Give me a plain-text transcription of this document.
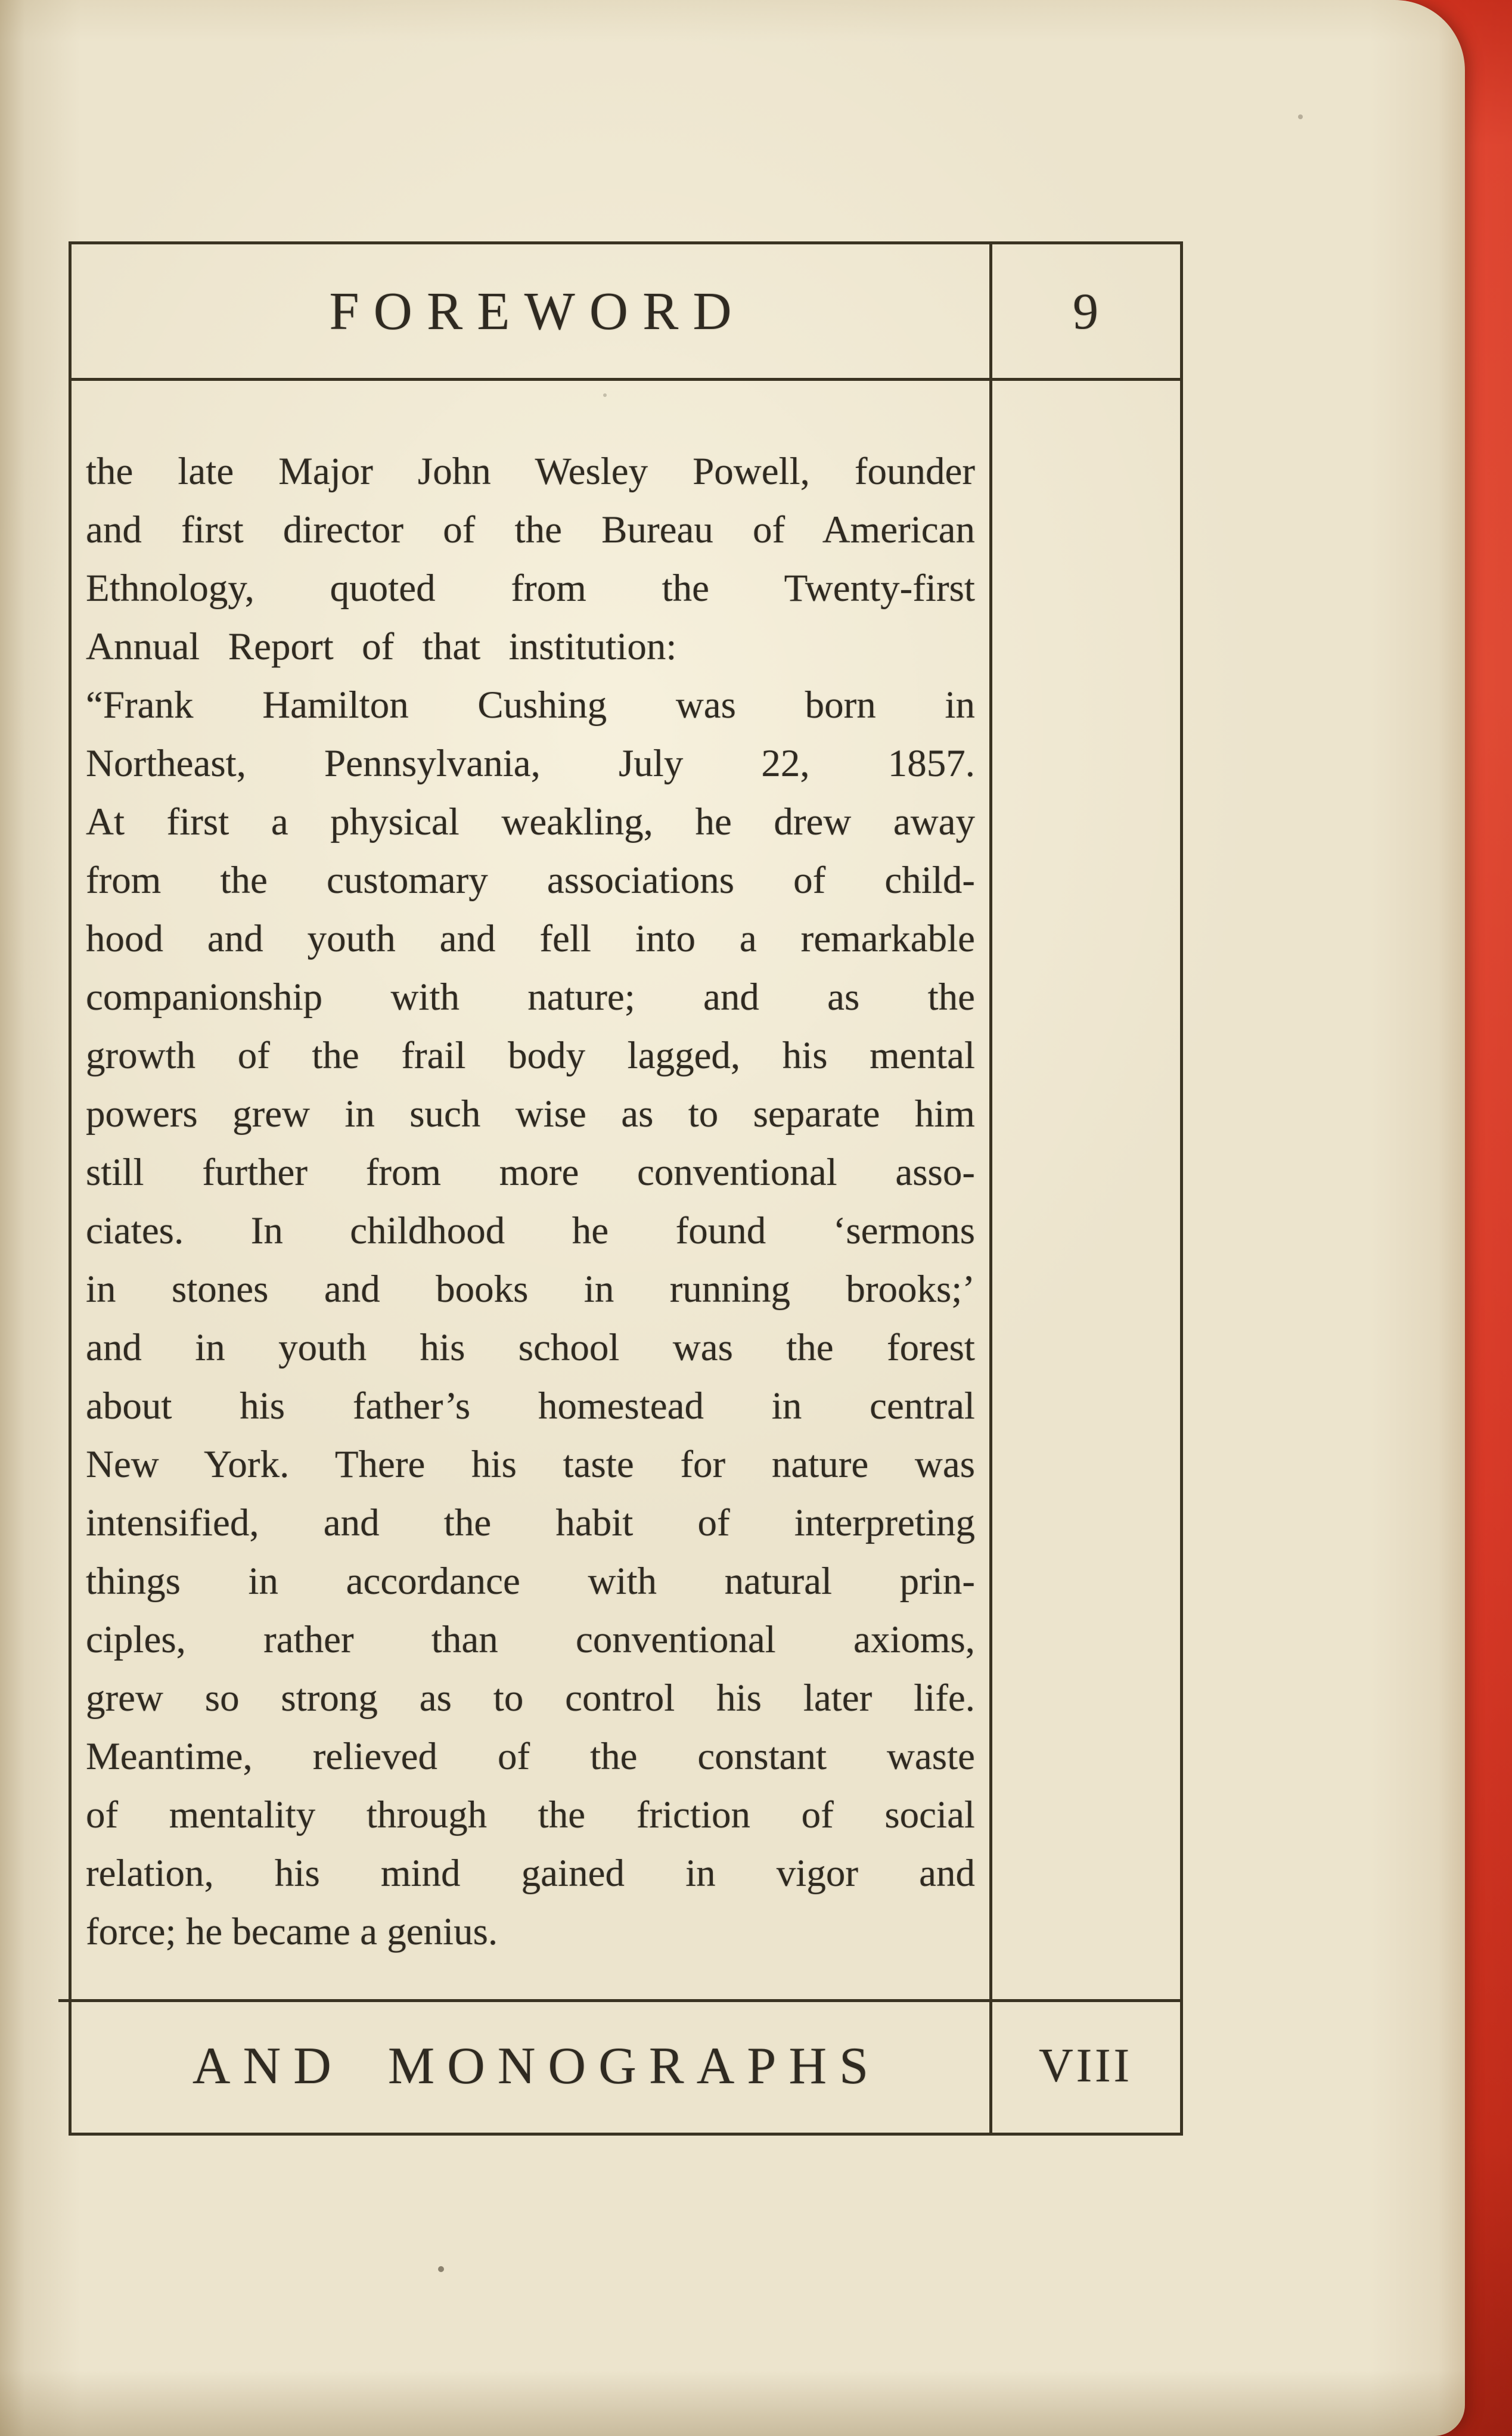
FOREWORD	9
the late Major John Wesley Powell, founder
and first director of the Bureau of American
Ethnology, quoted from the Twenty-first
Annual Report of that institution:
“Frank Hamilton Cushing was born in
Northeast, Pennsylvania, July 22, 1857.
At first a physical weakling, he drew away
from the customary associations of child-
hood and youth and fell into a remarkable
companionship with nature; and as the
growth of the frail body lagged, his mental
powers grew in such wise as to separate him
still further from more conventional asso-
ciates. In childhood he found ‘sermons
in stones and books in running brooks;’
and in youth his school was the forest
about his father’s homestead in central
New York. There his taste for nature was
intensified, and the habit of interpreting
things in accordance with natural prin-
ciples, rather than conventional axioms,
grew so strong as to control his later life.
Meantime, relieved of the constant waste
of mentality through the friction of social
relation, his mind gained in vigor and
force; he became a genius.
AND MONOGRAPHS	VIII
